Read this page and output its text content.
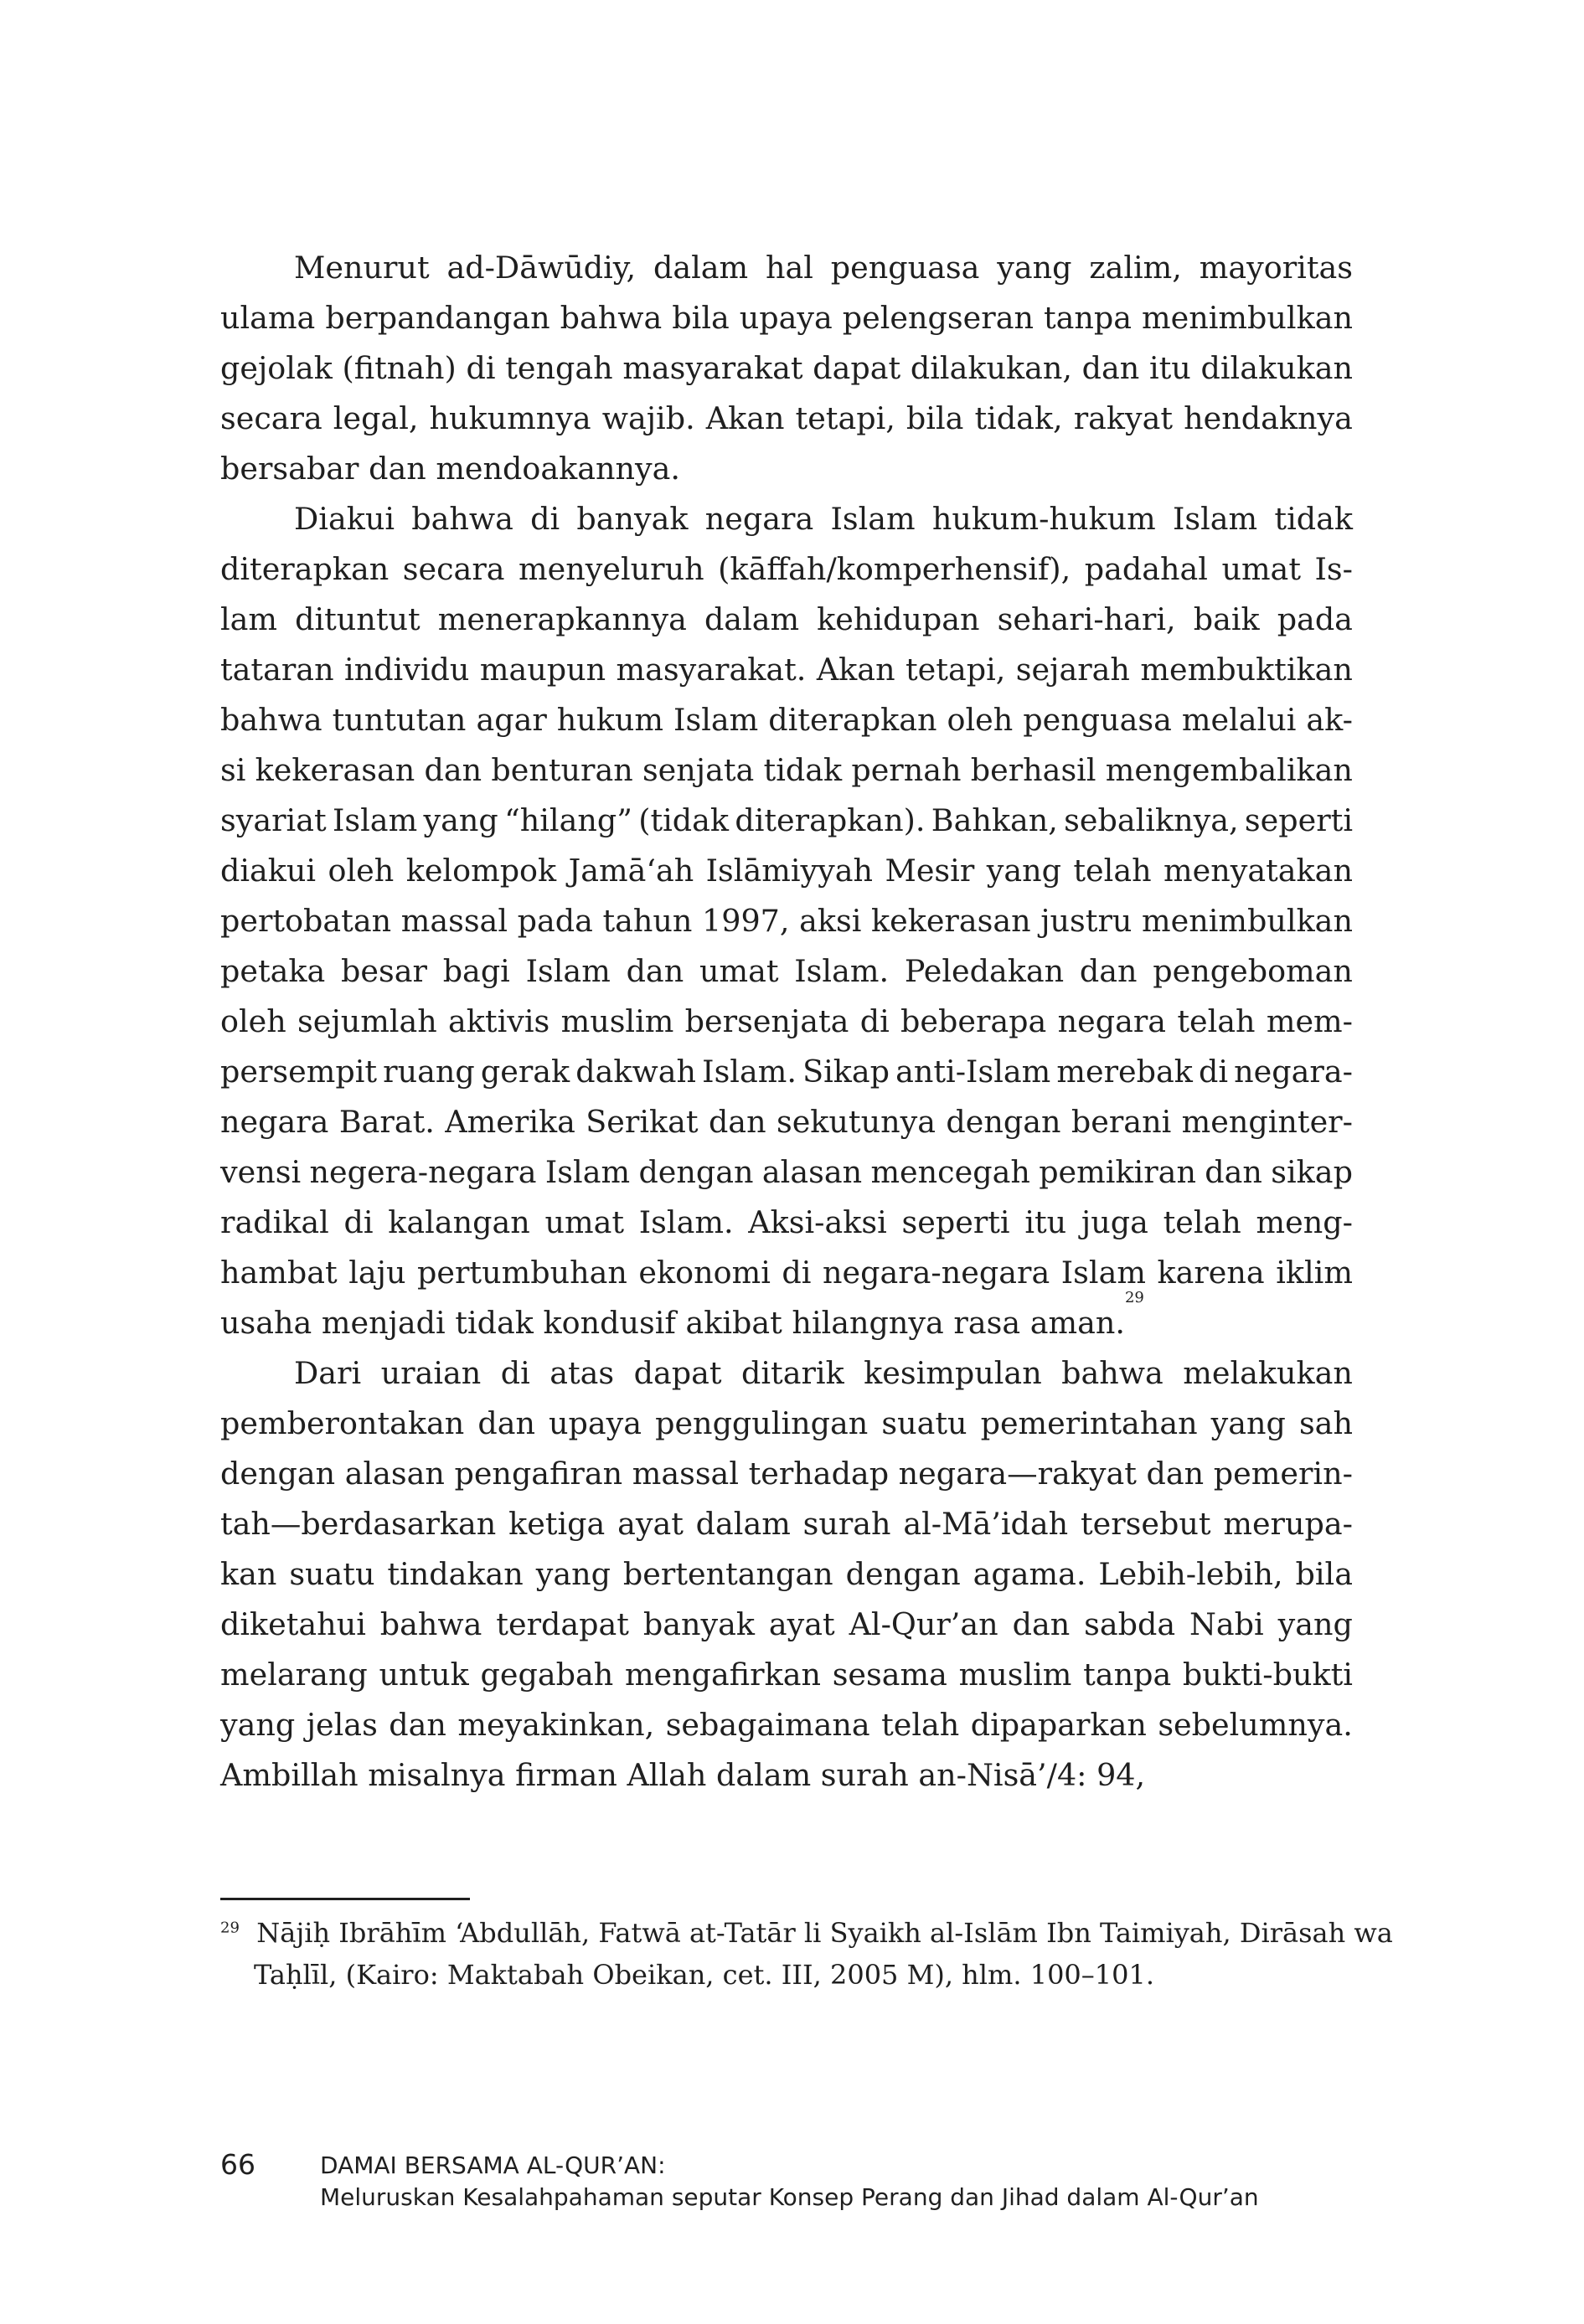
Menurut ad-Dāwūdiy, dalam hal penguasa yang zalim, mayoritas
ulama berpandangan bahwa bila upaya pelengseran tanpa menimbulkan
gejolak (fitnah) di tengah masyarakat dapat dilakukan, dan itu dilakukan
secara legal, hukumnya wajib. Akan tetapi, bila tidak, rakyat hendaknya
bersabar dan mendoakannya.
Diakui bahwa di banyak negara Islam hukum-hukum Islam tidak
diterapkan secara menyeluruh (kāffah/komperhensif), padahal umat Is-
lam dituntut menerapkannya dalam kehidupan sehari-hari, baik pada
tataran individu maupun masyarakat. Akan tetapi, sejarah membuktikan
bahwa tuntutan agar hukum Islam diterapkan oleh penguasa melalui ak-
si kekerasan dan benturan senjata tidak pernah berhasil mengembalikan
syariat Islam yang “hilang” (tidak diterapkan). Bahkan, sebaliknya, seperti
diakui oleh kelompok Jamā‘ah Islāmiyyah Mesir yang telah menyatakan
pertobatan massal pada tahun 1997, aksi kekerasan justru menimbulkan
petaka besar bagi Islam dan umat Islam. Peledakan dan pengeboman
oleh sejumlah aktivis muslim bersenjata di beberapa negara telah mem-
persempit ruang gerak dakwah Islam. Sikap anti-Islam merebak di negara-
negara Barat. Amerika Serikat dan sekutunya dengan berani menginter-
vensi negera-negara Islam dengan alasan mencegah pemikiran dan sikap
radikal di kalangan umat Islam. Aksi-aksi seperti itu juga telah meng-
hambat laju pertumbuhan ekonomi di negara-negara Islam karena iklim
usaha menjadi tidak kondusif akibat hilangnya rasa aman.
29
Dari uraian di atas dapat ditarik kesimpulan bahwa melakukan
pemberontakan dan upaya penggulingan suatu pemerintahan yang sah
dengan alasan pengafiran massal terhadap negara—rakyat dan pemerin-
tah—berdasarkan ketiga ayat dalam surah al-Mā’idah tersebut merupa-
kan suatu tindakan yang bertentangan dengan agama. Lebih-lebih, bila
diketahui bahwa terdapat banyak ayat Al-Qur’an dan sabda Nabi yang
melarang untuk gegabah mengafirkan sesama muslim tanpa bukti-bukti
yang jelas dan meyakinkan, sebagaimana telah dipaparkan sebelumnya.
Ambillah misalnya firman Allah dalam surah an-Nisā’/4: 94,
$^{29}$ Nājiḥ Ibrāhīm ‘Abdullāh, Fatwā at-Tatār li Syaikh al-Islām Ibn Taimiyah, Dirāsah wa
Taḥlīl, (Kairo: Maktabah Obeikan, cet. III, 2005 M), hlm. 100–101.
66	DAMAI BERSAMA AL-QUR’AN:
Meluruskan Kesalahpahaman seputar Konsep Perang dan Jihad dalam Al-Qur’an
